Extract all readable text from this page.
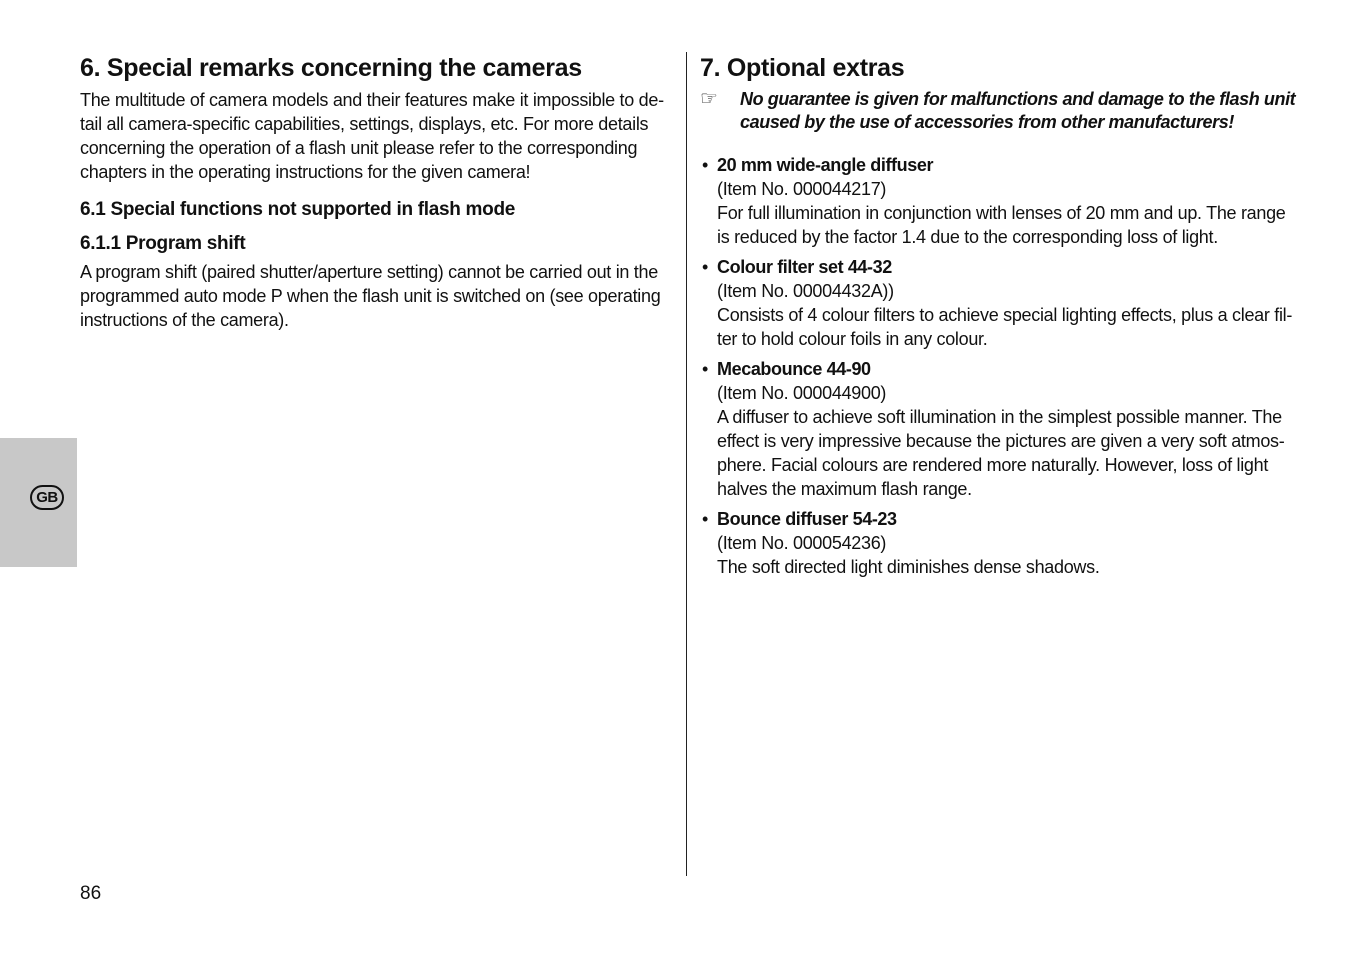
GB
6. Special remarks concerning the cameras

The multitude of camera models and their features make it impossible to de-tail all camera-specific capabilities, settings, displays, etc. For more details concerning the operation of a flash unit please refer to the corresponding chapters in the operating instructions for the given camera!

6.1 Special functions not supported in flash mode
6.1.1 Program shift

A program shift (paired shutter/aperture setting) cannot be carried out in the programmed auto mode P when the flash unit is switched on (see operating instructions of the camera).

7. Optional extras
☞	No guarantee is given for malfunctions and damage to the flash unit caused by the use of accessories from other manufacturers!
• 20 mm wide-angle diffuser
(Item No. 000044217)
For full illumination in conjunction with lenses of 20 mm and up. The range is reduced by the factor 1.4 due to the corresponding loss of light.
• Colour filter set 44-32
(Item No. 00004432A))
Consists of 4 colour filters to achieve special lighting effects, plus a clear fil-ter to hold colour foils in any colour.
• Mecabounce 44-90
(Item No. 000044900)
A diffuser to achieve soft illumination in the simplest possible manner. The effect is very impressive because the pictures are given a very soft atmos-phere. Facial colours are rendered more naturally. However, loss of light halves the maximum flash range.
• Bounce diffuser 54-23
(Item No. 000054236)
The soft directed light diminishes dense shadows.
86
